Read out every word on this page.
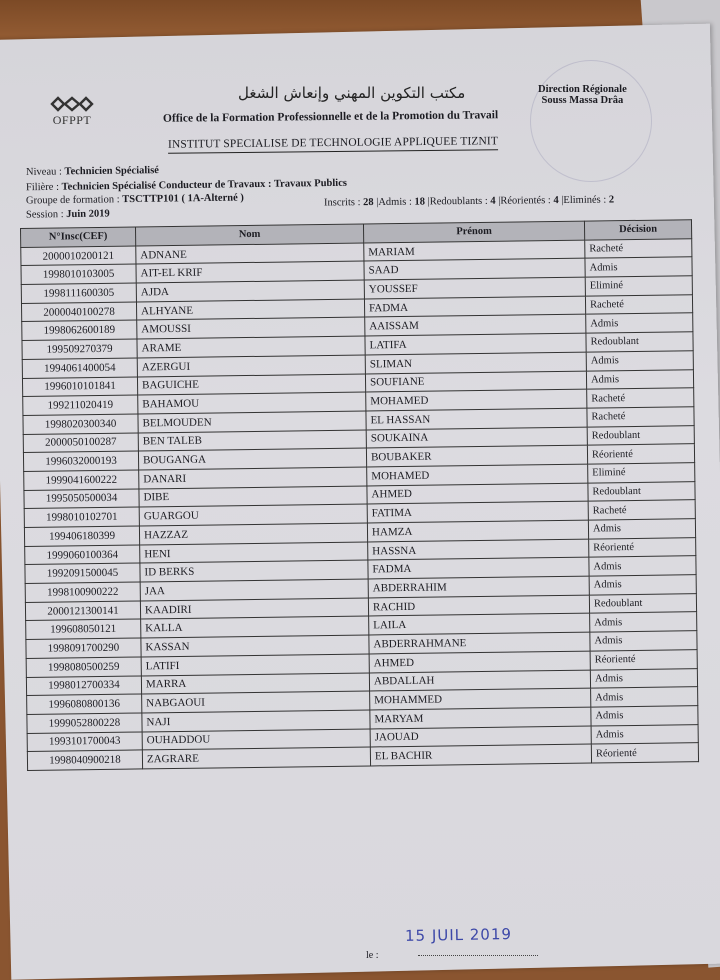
OFPPT
مكتب التكوين المهني وإنعاش الشغل
Office de la Formation Professionnelle et de la Promotion du Travail
Direction Régionale
Souss Massa Drâa
INSTITUT SPECIALISE DE TECHNOLOGIE APPLIQUEE TIZNIT
Niveau : Technicien Spécialisé
Filière : Technicien Spécialisé Conducteur de Travaux : Travaux Publics
Groupe de formation : TSCTTP101 ( 1A-Alterné )
Session : Juin 2019
Inscrits : 28 |Admis : 18 |Redoublants : 4 |Réorientés : 4 |Eliminés : 2
N°Insc(CEF)	Nom	Prénom	Décision
2000010200121	ADNANE	MARIAM	Racheté
1998010103005	AIT-EL KRIF	SAAD	Admis
1998111600305	AJDA	YOUSSEF	Eliminé
2000040100278	ALHYANE	FADMA	Racheté
1998062600189	AMOUSSI	AAISSAM	Admis
199509270379	ARAME	LATIFA	Redoublant
1994061400054	AZERGUI	SLIMAN	Admis
1996010101841	BAGUICHE	SOUFIANE	Admis
199211020419	BAHAMOU	MOHAMED	Racheté
1998020300340	BELMOUDEN	EL HASSAN	Racheté
2000050100287	BEN TALEB	SOUKAINA	Redoublant
1996032000193	BOUGANGA	BOUBAKER	Réorienté
1999041600222	DANARI	MOHAMED	Eliminé
1995050500034	DIBE	AHMED	Redoublant
1998010102701	GUARGOU	FATIMA	Racheté
199406180399	HAZZAZ	HAMZA	Admis
1999060100364	HENI	HASSNA	Réorienté
1992091500045	ID BERKS	FADMA	Admis
1998100900222	JAA	ABDERRAHIM	Admis
2000121300141	KAADIRI	RACHID	Redoublant
199608050121	KALLA	LAILA	Admis
1998091700290	KASSAN	ABDERRAHMANE	Admis
1998080500259	LATIFI	AHMED	Réorienté
1998012700334	MARRA	ABDALLAH	Admis
1996080800136	NABGAOUI	MOHAMMED	Admis
1999052800228	NAJI	MARYAM	Admis
1993101700043	OUHADDOU	JAOUAD	Admis
1998040900218	ZAGRARE	EL BACHIR	Réorienté
15 JUIL 2019
le :
